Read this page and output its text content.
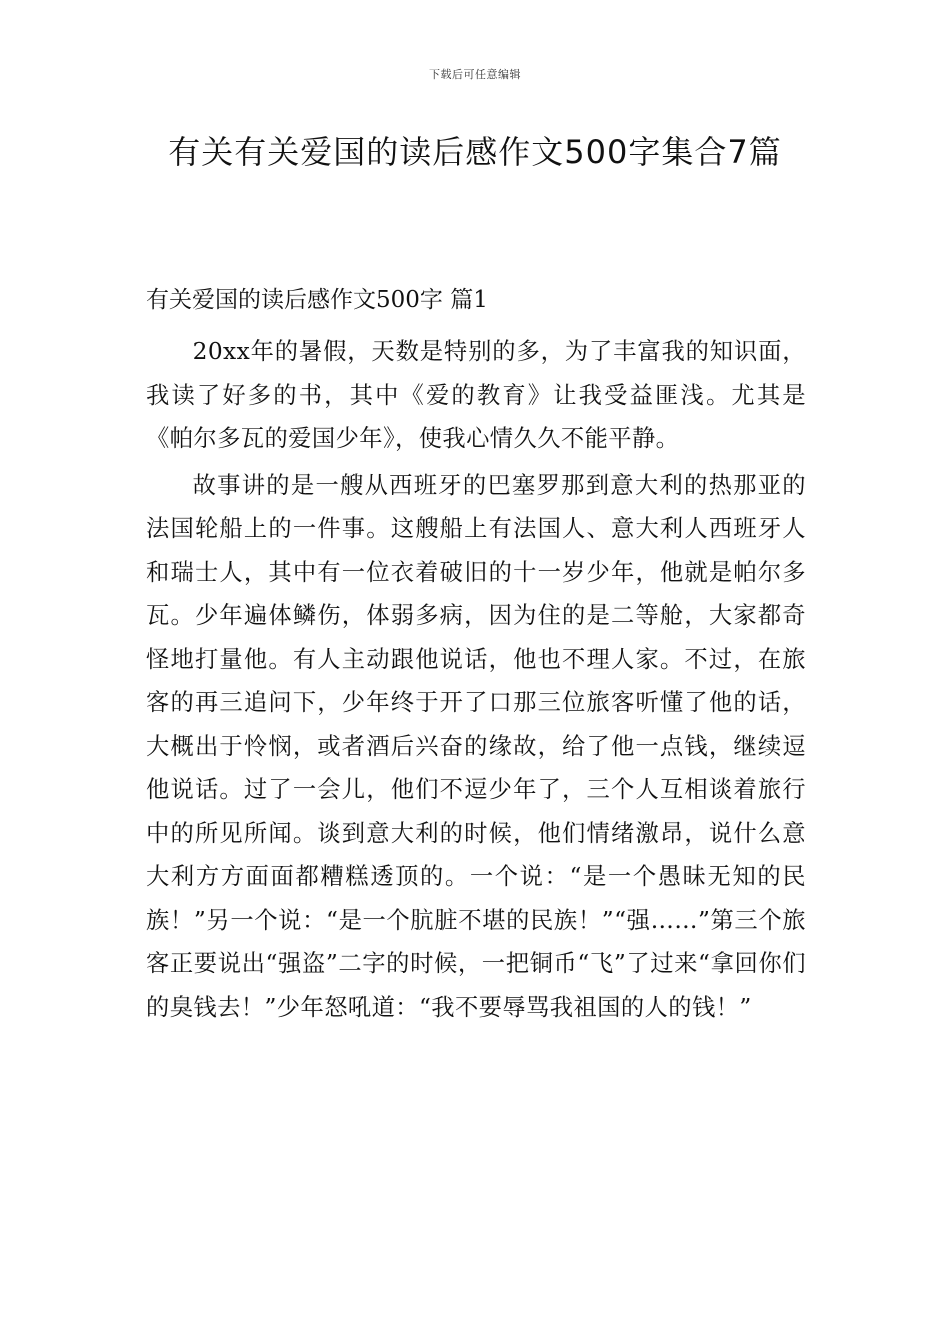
下载后可任意编辑
有关有关爱国的读后感作文500字集合7篇
有关爱国的读后感作文500字 篇1

20xx年的暑假，天数是特别的多，为了丰富我的知识面，我读了好多的书，其中《爱的教育》让我受益匪浅。尤其是《帕尔多瓦的爱国少年》，使我心情久久不能平静。

故事讲的是一艘从西班牙的巴塞罗那到意大利的热那亚的法国轮船上的一件事。这艘船上有法国人、意大利人西班牙人和瑞士人，其中有一位衣着破旧的十一岁少年，他就是帕尔多瓦。少年遍体鳞伤，体弱多病，因为住的是二等舱，大家都奇怪地打量他。有人主动跟他说话，他也不理人家。不过，在旅客的再三追问下，少年终于开了口那三位旅客听懂了他的话，大概出于怜悯，或者酒后兴奋的缘故，给了他一点钱，继续逗他说话。过了一会儿，他们不逗少年了，三个人互相谈着旅行中的所见所闻。谈到意大利的时候，他们情绪激昂，说什么意大利方方面面都糟糕透顶的。一个说：“是一个愚昧无知的民族！”另一个说：“是一个肮脏不堪的民族！”“强……”第三个旅客正要说出“强盗”二字的时候，一把铜币“飞”了过来“拿回你们的臭钱去！”少年怒吼道：“我不要辱骂我祖国的人的钱！”
